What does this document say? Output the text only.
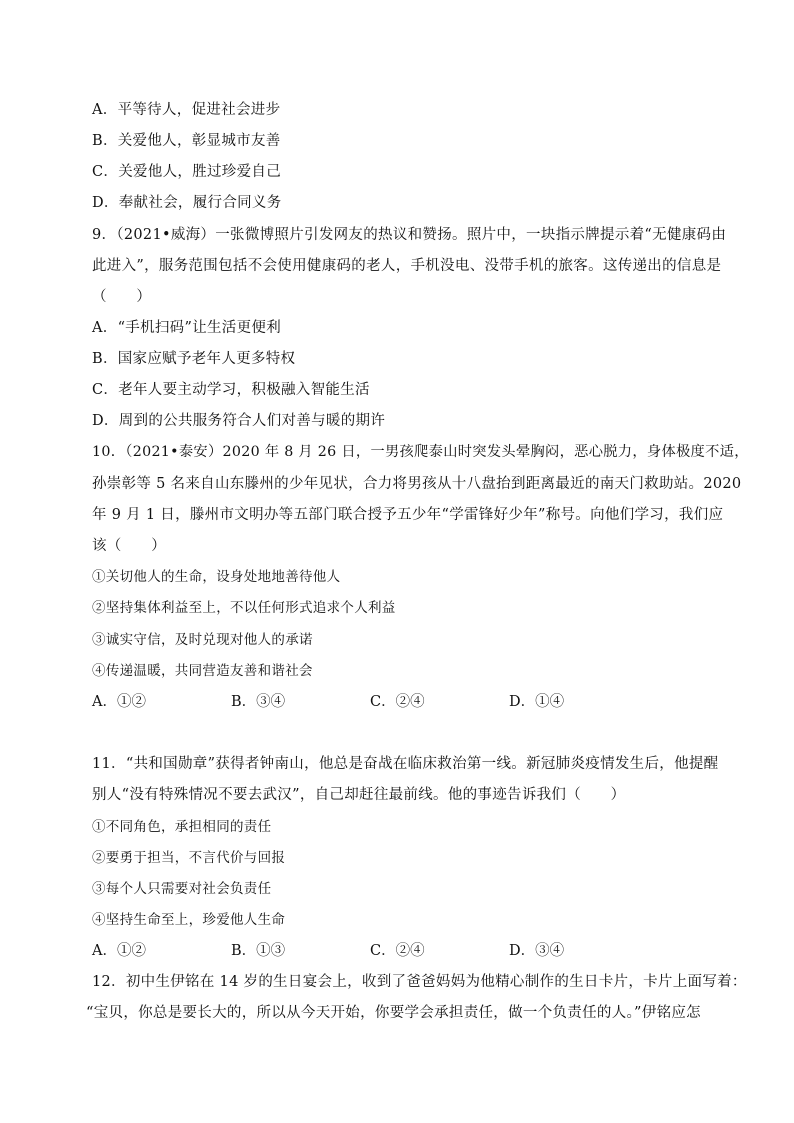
A．平等待人，促进社会进步
B．关爱他人，彰显城市友善
C．关爱他人，胜过珍爱自己
D．奉献社会，履行合同义务
9．（2021•威海）一张微博照片引发网友的热议和赞扬。照片中，一块指示牌提示着“无健康码由
此进入”，服务范围包括不会使用健康码的老人，手机没电、没带手机的旅客。这传递出的信息是
（　　）
A．“手机扫码”让生活更便利
B．国家应赋予老年人更多特权
C．老年人要主动学习，积极融入智能生活
D．周到的公共服务符合人们对善与暖的期许
10．（2021•泰安）2020 年 8 月 26 日，一男孩爬泰山时突发头晕胸闷，恶心脱力，身体极度不适，
孙崇彰等 5 名来自山东滕州的少年见状，合力将男孩从十八盘抬到距离最近的南天门救助站。2020
年 9 月 1 日，滕州市文明办等五部门联合授予五少年“学雷锋好少年”称号。向他们学习，我们应
该（　　）
①关切他人的生命，设身处地地善待他人
②坚持集体利益至上，不以任何形式追求个人利益
③诚实守信，及时兑现对他人的承诺
④传递温暖，共同营造友善和谐社会
A．①②	B．③④	C．②④	D．①④
11．“共和国勋章”获得者钟南山，他总是奋战在临床救治第一线。新冠肺炎疫情发生后，他提醒
别人“没有特殊情况不要去武汉”，自己却赶往最前线。他的事迹告诉我们（　　）
①不同角色，承担相同的责任
②要勇于担当，不言代价与回报
③每个人只需要对社会负责任
④坚持生命至上，珍爱他人生命
A．①②	B．①③	C．②④	D．③④
12．初中生伊铭在 14 岁的生日宴会上，收到了爸爸妈妈为他精心制作的生日卡片，卡片上面写着：
“宝贝，你总是要长大的，所以从今天开始，你要学会承担责任，做一个负责任的人。”伊铭应怎
